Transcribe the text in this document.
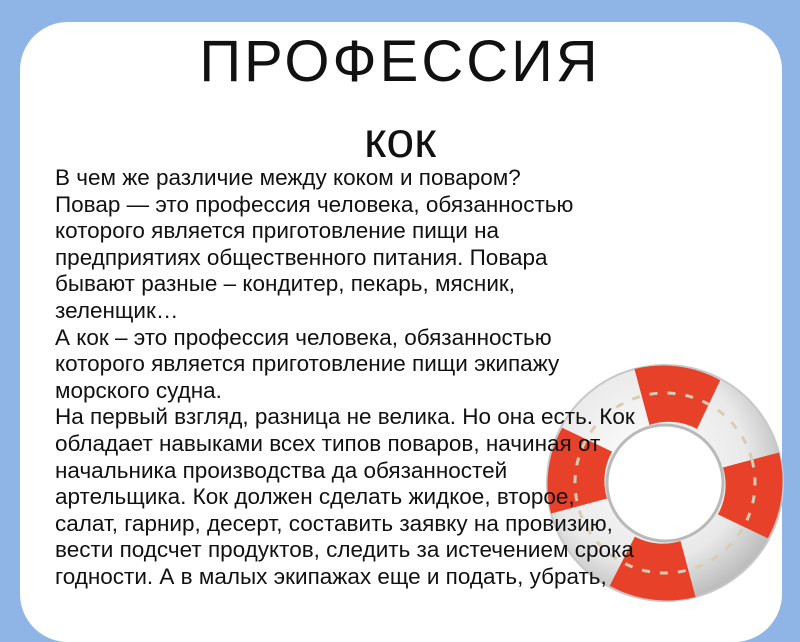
ПРОФЕССИЯ
кок
В чем же различие между коком и поваром?
Повар — это профессия человека, обязанностью
которого является приготовление пищи на
предприятиях общественного питания. Повара
бывают разные – кондитер, пекарь, мясник,
зеленщик…
А кок – это профессия человека, обязанностью
которого является приготовление пищи экипажу
морского судна.
На первый взгляд, разница не велика. Но она есть. Кок
обладает навыками всех типов поваров, начиная от
начальника производства да обязанностей
артельщика. Кок должен сделать жидкое, второе,
салат, гарнир, десерт, составить заявку на провизию,
вести подсчет продуктов, следить за истечением срока
годности. А в малых экипажах еще и подать, убрать,
